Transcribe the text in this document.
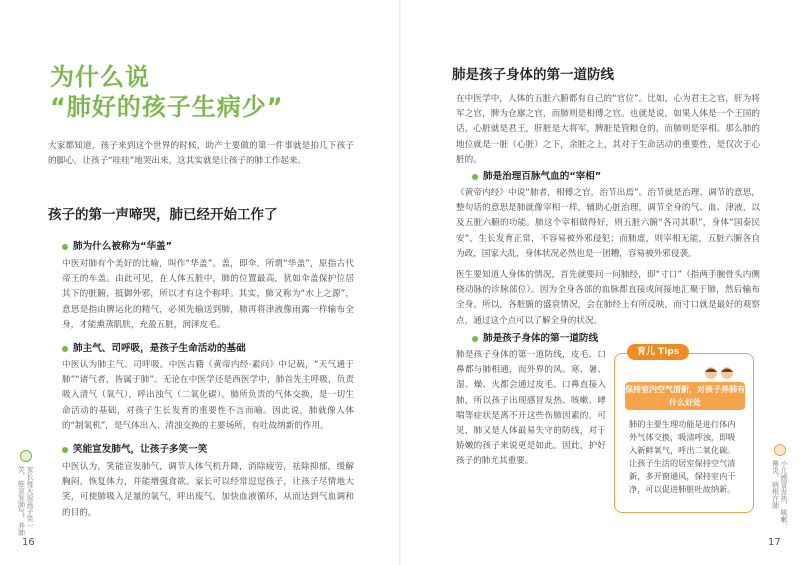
为什么说
“肺好的孩子生病少”
大家都知道，孩子来到这个世界的时候，助产士要做的第一件事就是拍几下孩子的脚心，让孩子“哇哇”地哭出来，这其实就是让孩子的肺工作起来。
孩子的第一声啼哭，肺已经开始工作了
肺为什么被称为“华盖”
中医对肺有个美好的比喻，叫作“华盖”。盖，即伞，所谓“华盖”，原指古代帝王的车盖。由此可见，在人体五脏中，肺的位置最高，犹如伞盖保护位居其下的脏腑，抵御外邪，所以才有这个称呼。其实，肺又称为“水上之源”，意思是指由脾运化的精气，必须先输送到肺，肺再将津液像雨露一样输布全身，才能熏蒸肌肤，充盈五脏，润泽皮毛。
肺主气、司呼吸，是孩子生命活动的基础
中医认为肺主气、司呼吸。中医古籍《黄帝内经·素问》中记载，“天气通于肺”“诸气者，皆属于肺”。无论在中医学还是西医学中，肺首先主呼吸，负责吸入清气（氧气），呼出浊气（二氧化碳）。肺所负责的气体交换，是一切生命活动的基础，对孩子生长发育的重要性不言而喻。因此说，肺就像人体的“制氧机”，是气体出入、清浊交换的主要场所，有吐故纳新的作用。
笑能宣发肺气，让孩子多笑一笑
中医认为，笑能宣发肺气，调节人体气机升降，消除疲劳，祛除抑郁，缓解胸闷，恢复体力，并能增强食欲。家长可以经常逗逗孩子，让孩子尽情地大笑，可使肺吸入足量的氧气，呼出废气，加快血液循环，从而达到气血调和的目的。
家长每天逗孩子笑一笑，能宣发肺气，养肺
16
肺是孩子身体的第一道防线
在中医学中，人体的五脏六腑都有自己的“官位”。比如，心为君主之官，肝为将军之官，脾为仓廪之官，而肺则是相傅之官。也就是说，如果人体是一个王国的话，心脏就是君王，肝脏是大将军，脾脏是管粮仓的，而肺则是宰相。那么肺的地位就是一脏（心脏）之下，余脏之上，其对于生命活动的重要性，是仅次于心脏的。
肺是治理百脉气血的“宰相”
《黄帝内经》中说“肺者，相傅之官，治节出焉”。治节就是治理、调节的意思，整句话的意思是肺就像宰相一样，辅助心脏治理，调节全身的气、血、津液，以及五脏六腑的功能。肺这个宰相做得好，则五脏六腑“各司其职”，身体“国泰民安”，生长发育正常，不容易被外邪侵犯；而肺虚，则宰相无能，五脏六腑各自为政，国家大乱，身体状况必然也是一团糟，容易被外邪侵袭。
医生要知道人身体的情况，首先就要问一问肺经，即“寸口”（指两手腕骨头内侧桡动脉的诊脉部位）。因为全身各部的血脉都直接或间接地汇聚于肺，然后输布全身。所以，各脏腑的盛衰情况，会在肺经上有所反映，而寸口就是最好的观察点，通过这个点可以了解全身的状况。
肺是孩子身体的第一道防线
肺是孩子身体的第一道防线，皮毛、口鼻都与肺相通，而外界的风、寒、暑、湿、燥、火都会通过皮毛、口鼻直接入肺，所以孩子出现感冒发热、咳嗽、哮喘等症状是离不开这些伤肺因素的。可见，肺又是人体最易失守的防线，对于娇嫩的孩子来说更是如此。因此，护好孩子的肺尤其重要。	小儿感冒发热、咳嗽、鼻炎，病根在肺
17
育儿 Tips
保持室内空气清新，对孩子养肺有什么好处
肺的主要生理功能是进行体内外气体交换，吸清呼浊，即吸入新鲜氧气，呼出二氧化碳。让孩子生活的居室保持空气清新，多开窗通风，保持室内干净，可以促进肺脏吐故纳新。
